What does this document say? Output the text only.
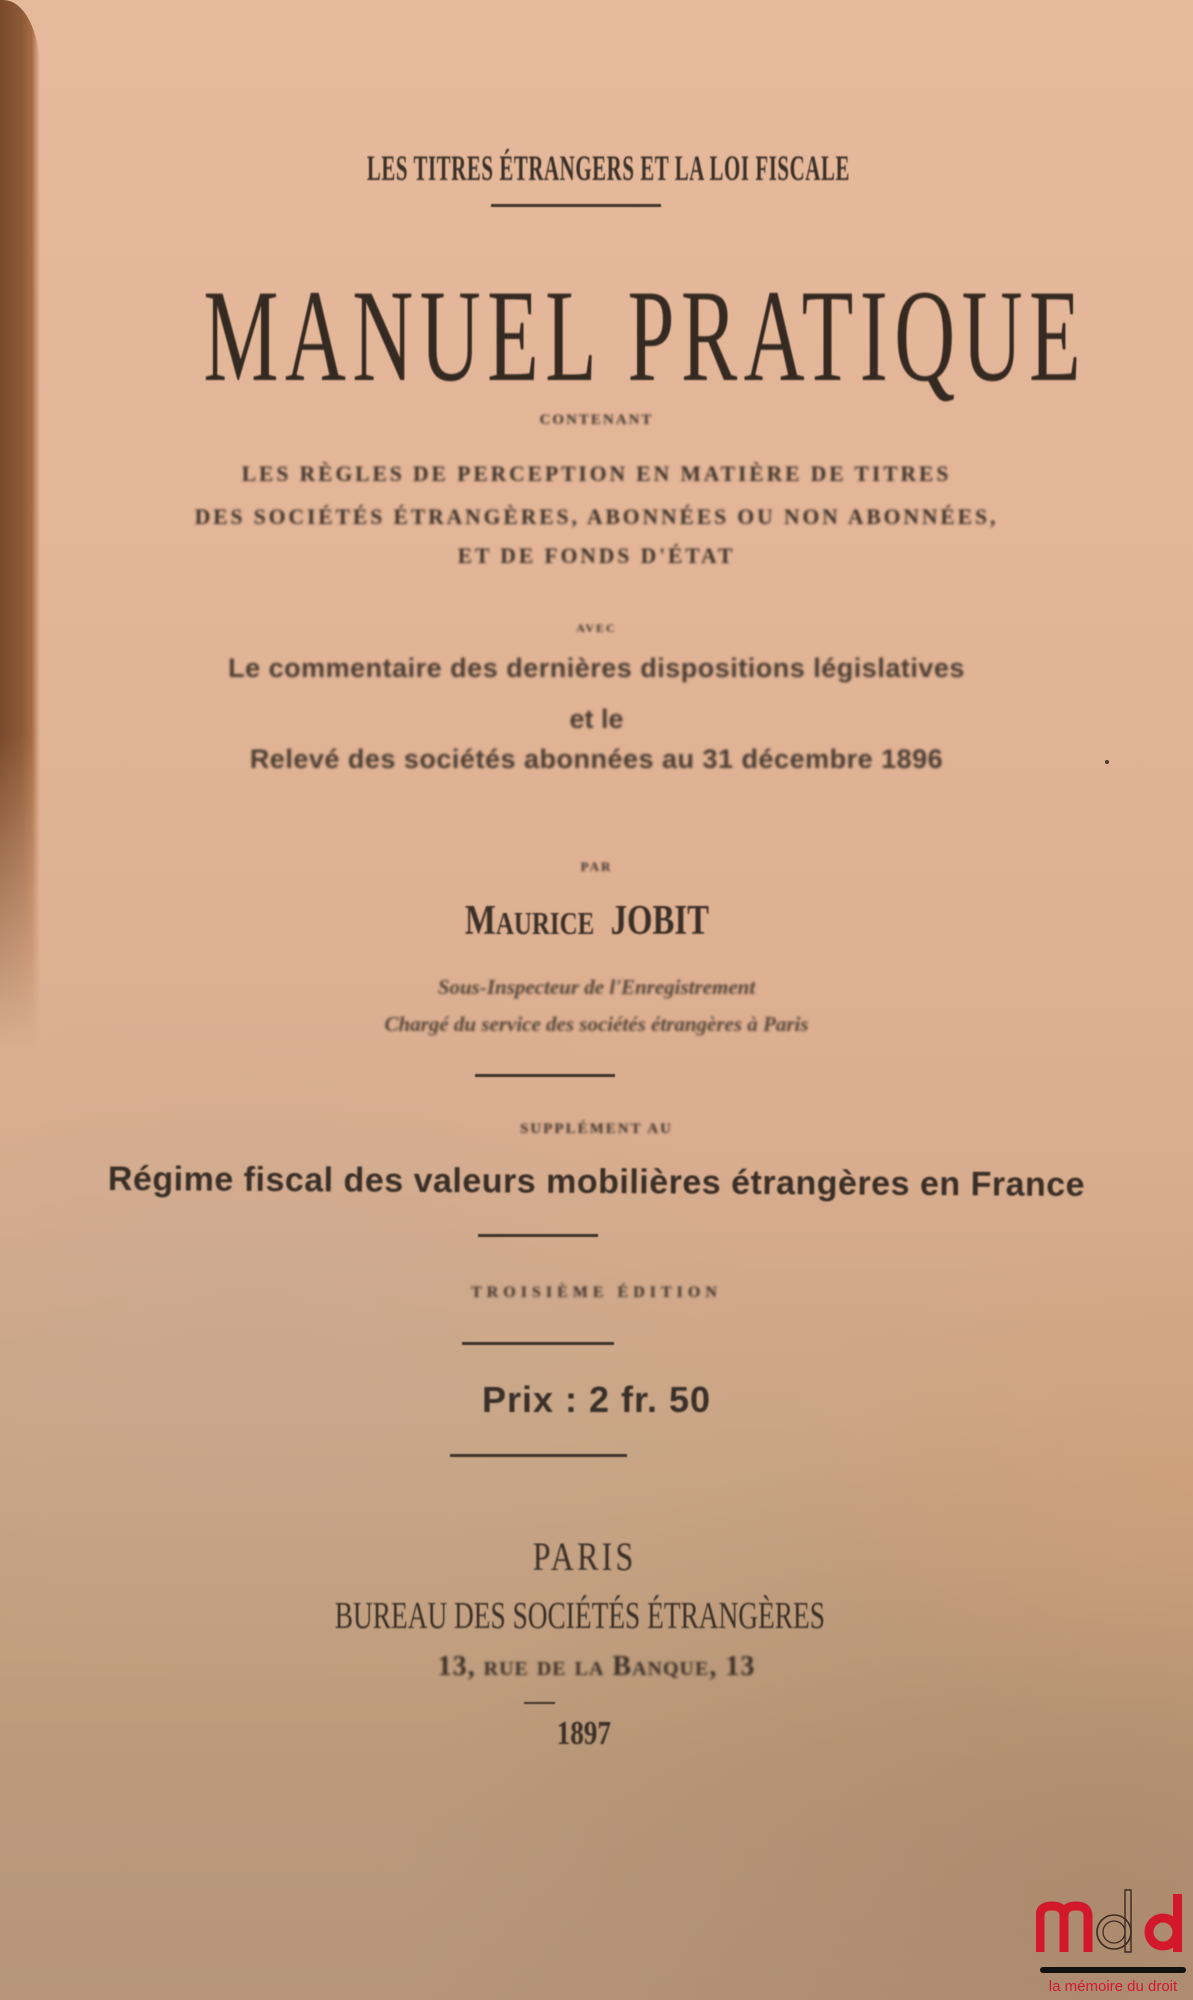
LES TITRES ÉTRANGERS ET LA LOI FISCALE
MANUEL PRATIQUE
CONTENANT
LES RÈGLES DE PERCEPTION EN MATIÈRE DE TITRES
DES SOCIÉTÉS ÉTRANGÈRES, ABONNÉES OU NON ABONNÉES,
ET DE FONDS D'ÉTAT
AVEC
Le commentaire des dernières dispositions législatives
et le
Relevé des sociétés abonnées au 31 décembre 1896
PAR
MAURICE JOBIT
Sous-Inspecteur de l'Enregistrement
Chargé du service des sociétés étrangères à Paris
SUPPLÉMENT AU
Régime fiscal des valeurs mobilières étrangères en France
TROISIÈME ÉDITION
Prix : 2 fr. 50
PARIS
BUREAU DES SOCIÉTÉS ÉTRANGÈRES
13, rue de la Banque, 13
1897
la mémoire du droit
